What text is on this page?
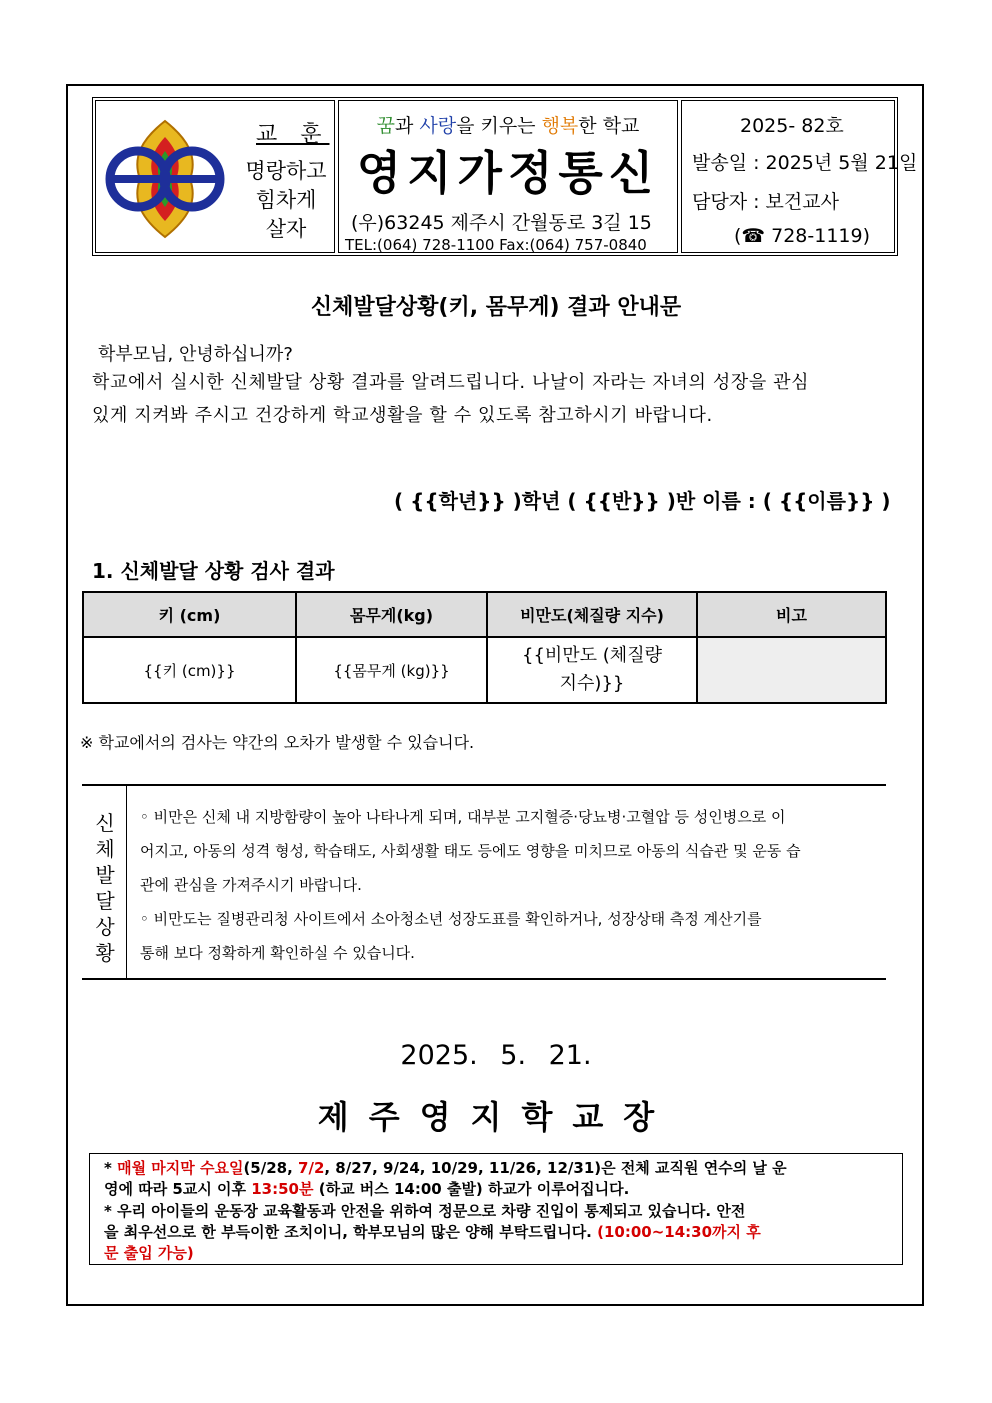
교 훈
명랑하고
힘차게
살자
꿈과 사랑을 키우는 행복한 학교
영지가정통신
(우)63245 제주시 간월동로 3길 15
TEL:(064) 728-1100 Fax:(064) 757-0840
2025- 82호
발송일 : 2025년 5월 21일
담당자 : 보건교사
(☎ 728-1119)
신체발달상황(키, 몸무게) 결과 안내문
학부모님, 안녕하십니까?
학교에서 실시한 신체발달 상황 결과를 알려드립니다. 나날이 자라는 자녀의 성장을 관심
있게 지켜봐 주시고 건강하게 학교생활을 할 수 있도록 참고하시기 바랍니다.
( {{학년}} )학년 ( {{반}} )반 이름 : ( {{이름}} )
1. 신체발달 상황 검사 결과
키 (cm)	몸무게(kg)	비만도(체질량 지수)	비고
{{키 (cm)}}	{{몸무게 (kg)}}	{{비만도 (체질량
지수)}}	

※ 학교에서의 검사는 약간의 오차가 발생할 수 있습니다.
신
체
발
달
상
황
◦ 비만은 신체 내 지방함량이 높아 나타나게 되며, 대부분 고지혈증·당뇨병·고혈압 등 성인병으로 이
어지고, 아동의 성격 형성, 학습태도, 사회생활 태도 등에도 영향을 미치므로 아동의 식습관 및 운동 습
관에 관심을 가져주시기 바랍니다.
◦ 비만도는 질병관리청 사이트에서 소아청소년 성장도표를 확인하거나, 성장상태 측정 계산기를
통해 보다 정확하게 확인하실 수 있습니다.
2025. 5. 21.
제주영지학교장
* 매월 마지막 수요일(5/28, 7/2, 8/27, 9/24, 10/29, 11/26, 12/31)은 전체 교직원 연수의 날 운
영에 따라 5교시 이후 13:50분 (하교 버스 14:00 출발) 하교가 이루어집니다.
* 우리 아이들의 운동장 교육활동과 안전을 위하여 정문으로 차량 진입이 통제되고 있습니다. 안전
을 최우선으로 한 부득이한 조치이니, 학부모님의 많은 양해 부탁드립니다. (10:00~14:30까지 후
문 출입 가능)
